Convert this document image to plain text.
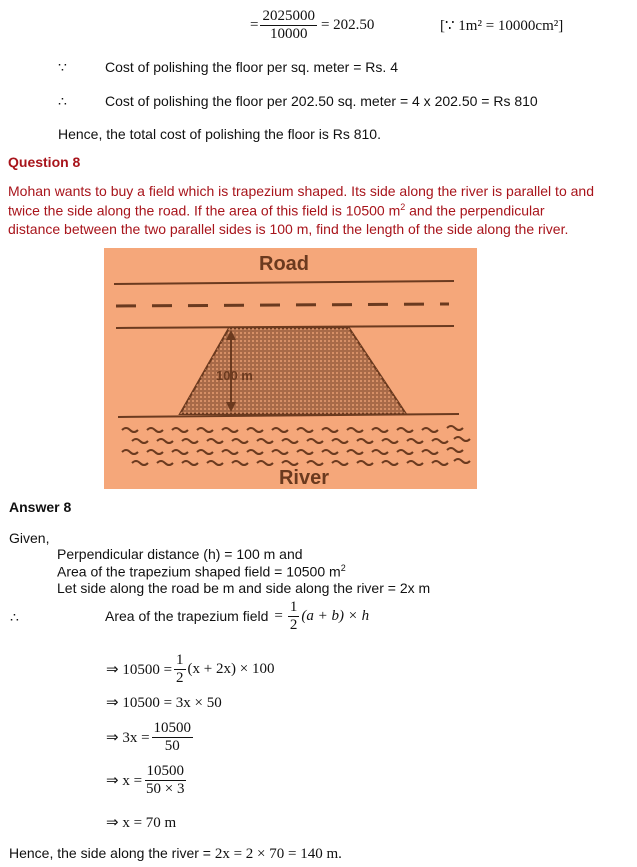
= $\frac{2025000}{10000} = 202.50$	[∵ 1m² = 10000cm²]
∵	Cost of polishing the floor per sq. meter = Rs. 4
∴	Cost of polishing the floor per 202.50 sq. meter = 4 x 202.50 = Rs 810
Hence, the total cost of polishing the floor is Rs 810.
Question 8
Mohan wants to buy a field which is trapezium shaped. Its side along the river is parallel to and
twice the side along the road. If the area of this field is 10500 $m^2$ and the perpendicular
distance between the two parallel sides is 100 m, find the length of the side along the river.
Road
100 m
River
Answer 8
Given,
Perpendicular distance (h) = 100 m and
Area of the trapezium shaped field = 10500 $m^2$
Let side along the road be m and side along the river = 2x m
∴	Area of the trapezium field = $\frac{1}{2} (a + b) \times h$
⇒ $10500 = \frac{1}{2} (x + 2x) \times 100$
⇒ 10500 = 3x × 50
⇒ $3x = \frac{10500}{50}$
⇒ $x = \frac{10500}{50 \times 3}$
⇒ x = 70 m
Hence, the side along the river = 2x = 2 × 70 = 140 m.
